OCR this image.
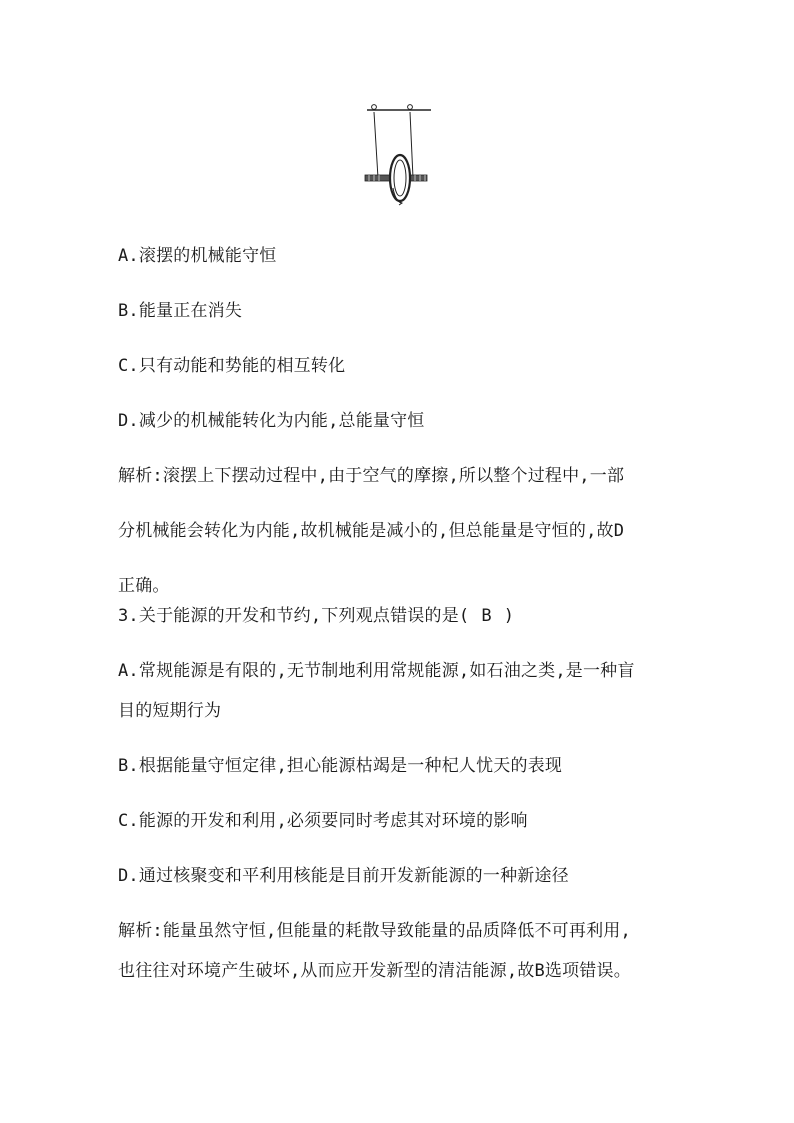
A.滚摆的机械能守恒
B.能量正在消失
C.只有动能和势能的相互转化
D.减少的机械能转化为内能,总能量守恒
解析:滚摆上下摆动过程中,由于空气的摩擦,所以整个过程中,一部
分机械能会转化为内能,故机械能是减小的,但总能量是守恒的,故D
正确。
3.关于能源的开发和节约,下列观点错误的是( B )
A.常规能源是有限的,无节制地利用常规能源,如石油之类,是一种盲
目的短期行为
B.根据能量守恒定律,担心能源枯竭是一种杞人忧天的表现
C.能源的开发和利用,必须要同时考虑其对环境的影响
D.通过核聚变和平利用核能是目前开发新能源的一种新途径
解析:能量虽然守恒,但能量的耗散导致能量的品质降低不可再利用,
也往往对环境产生破坏,从而应开发新型的清洁能源,故B选项错误。
